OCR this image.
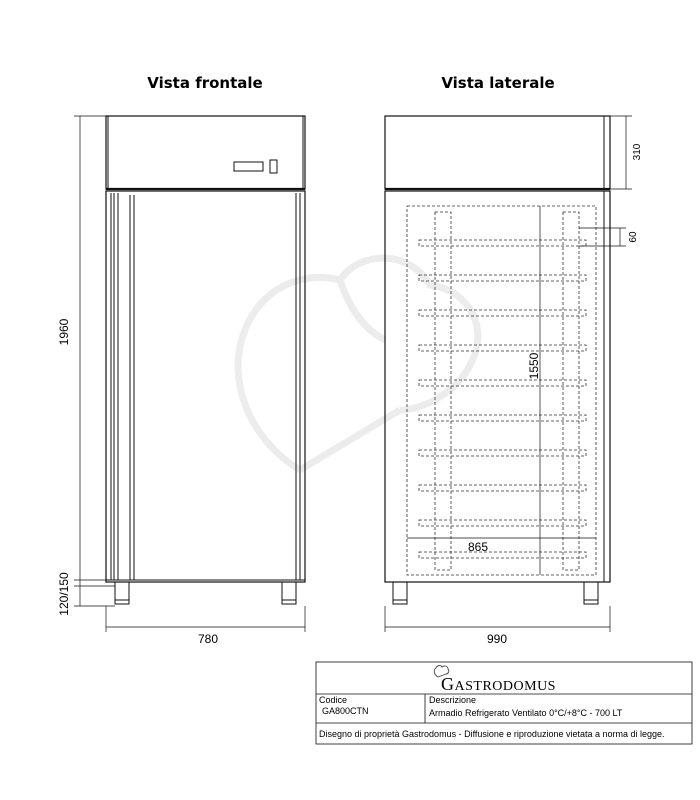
Vista frontale	Vista laterale
1960
120/150
780
310
60
1550
865
990
GASTRODOMUS
Codice
GA800CTN
Descrizione
Armadio Refrigerato Ventilato 0°C/+8°C - 700 LT
Disegno di proprietà Gastrodomus - Diffusione e riproduzione vietata a norma di legge.
